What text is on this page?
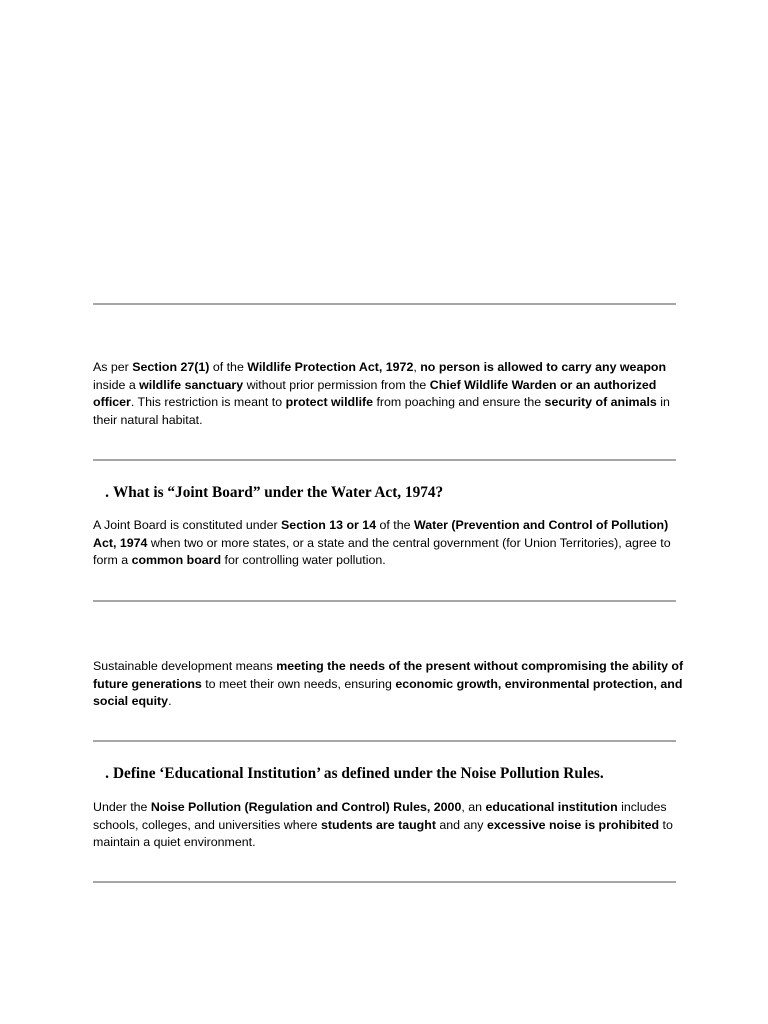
As per Section 27(1) of the Wildlife Protection Act, 1972, no person is allowed to carry any weapon inside a wildlife sanctuary without prior permission from the Chief Wildlife Warden or an authorized officer. This restriction is meant to protect wildlife from poaching and ensure the security of animals in their natural habitat.

. What is “Joint Board” under the Water Act, 1974?

A Joint Board is constituted under Section 13 or 14 of the Water (Prevention and Control of Pollution) Act, 1974 when two or more states, or a state and the central government (for Union Territories), agree to form a common board for controlling water pollution.

Sustainable development means meeting the needs of the present without compromising the ability of future generations to meet their own needs, ensuring economic growth, environmental protection, and social equity.

. Define ‘Educational Institution’ as defined under the Noise Pollution Rules.

Under the Noise Pollution (Regulation and Control) Rules, 2000, an educational institution includes schools, colleges, and universities where students are taught and any excessive noise is prohibited to maintain a quiet environment.
